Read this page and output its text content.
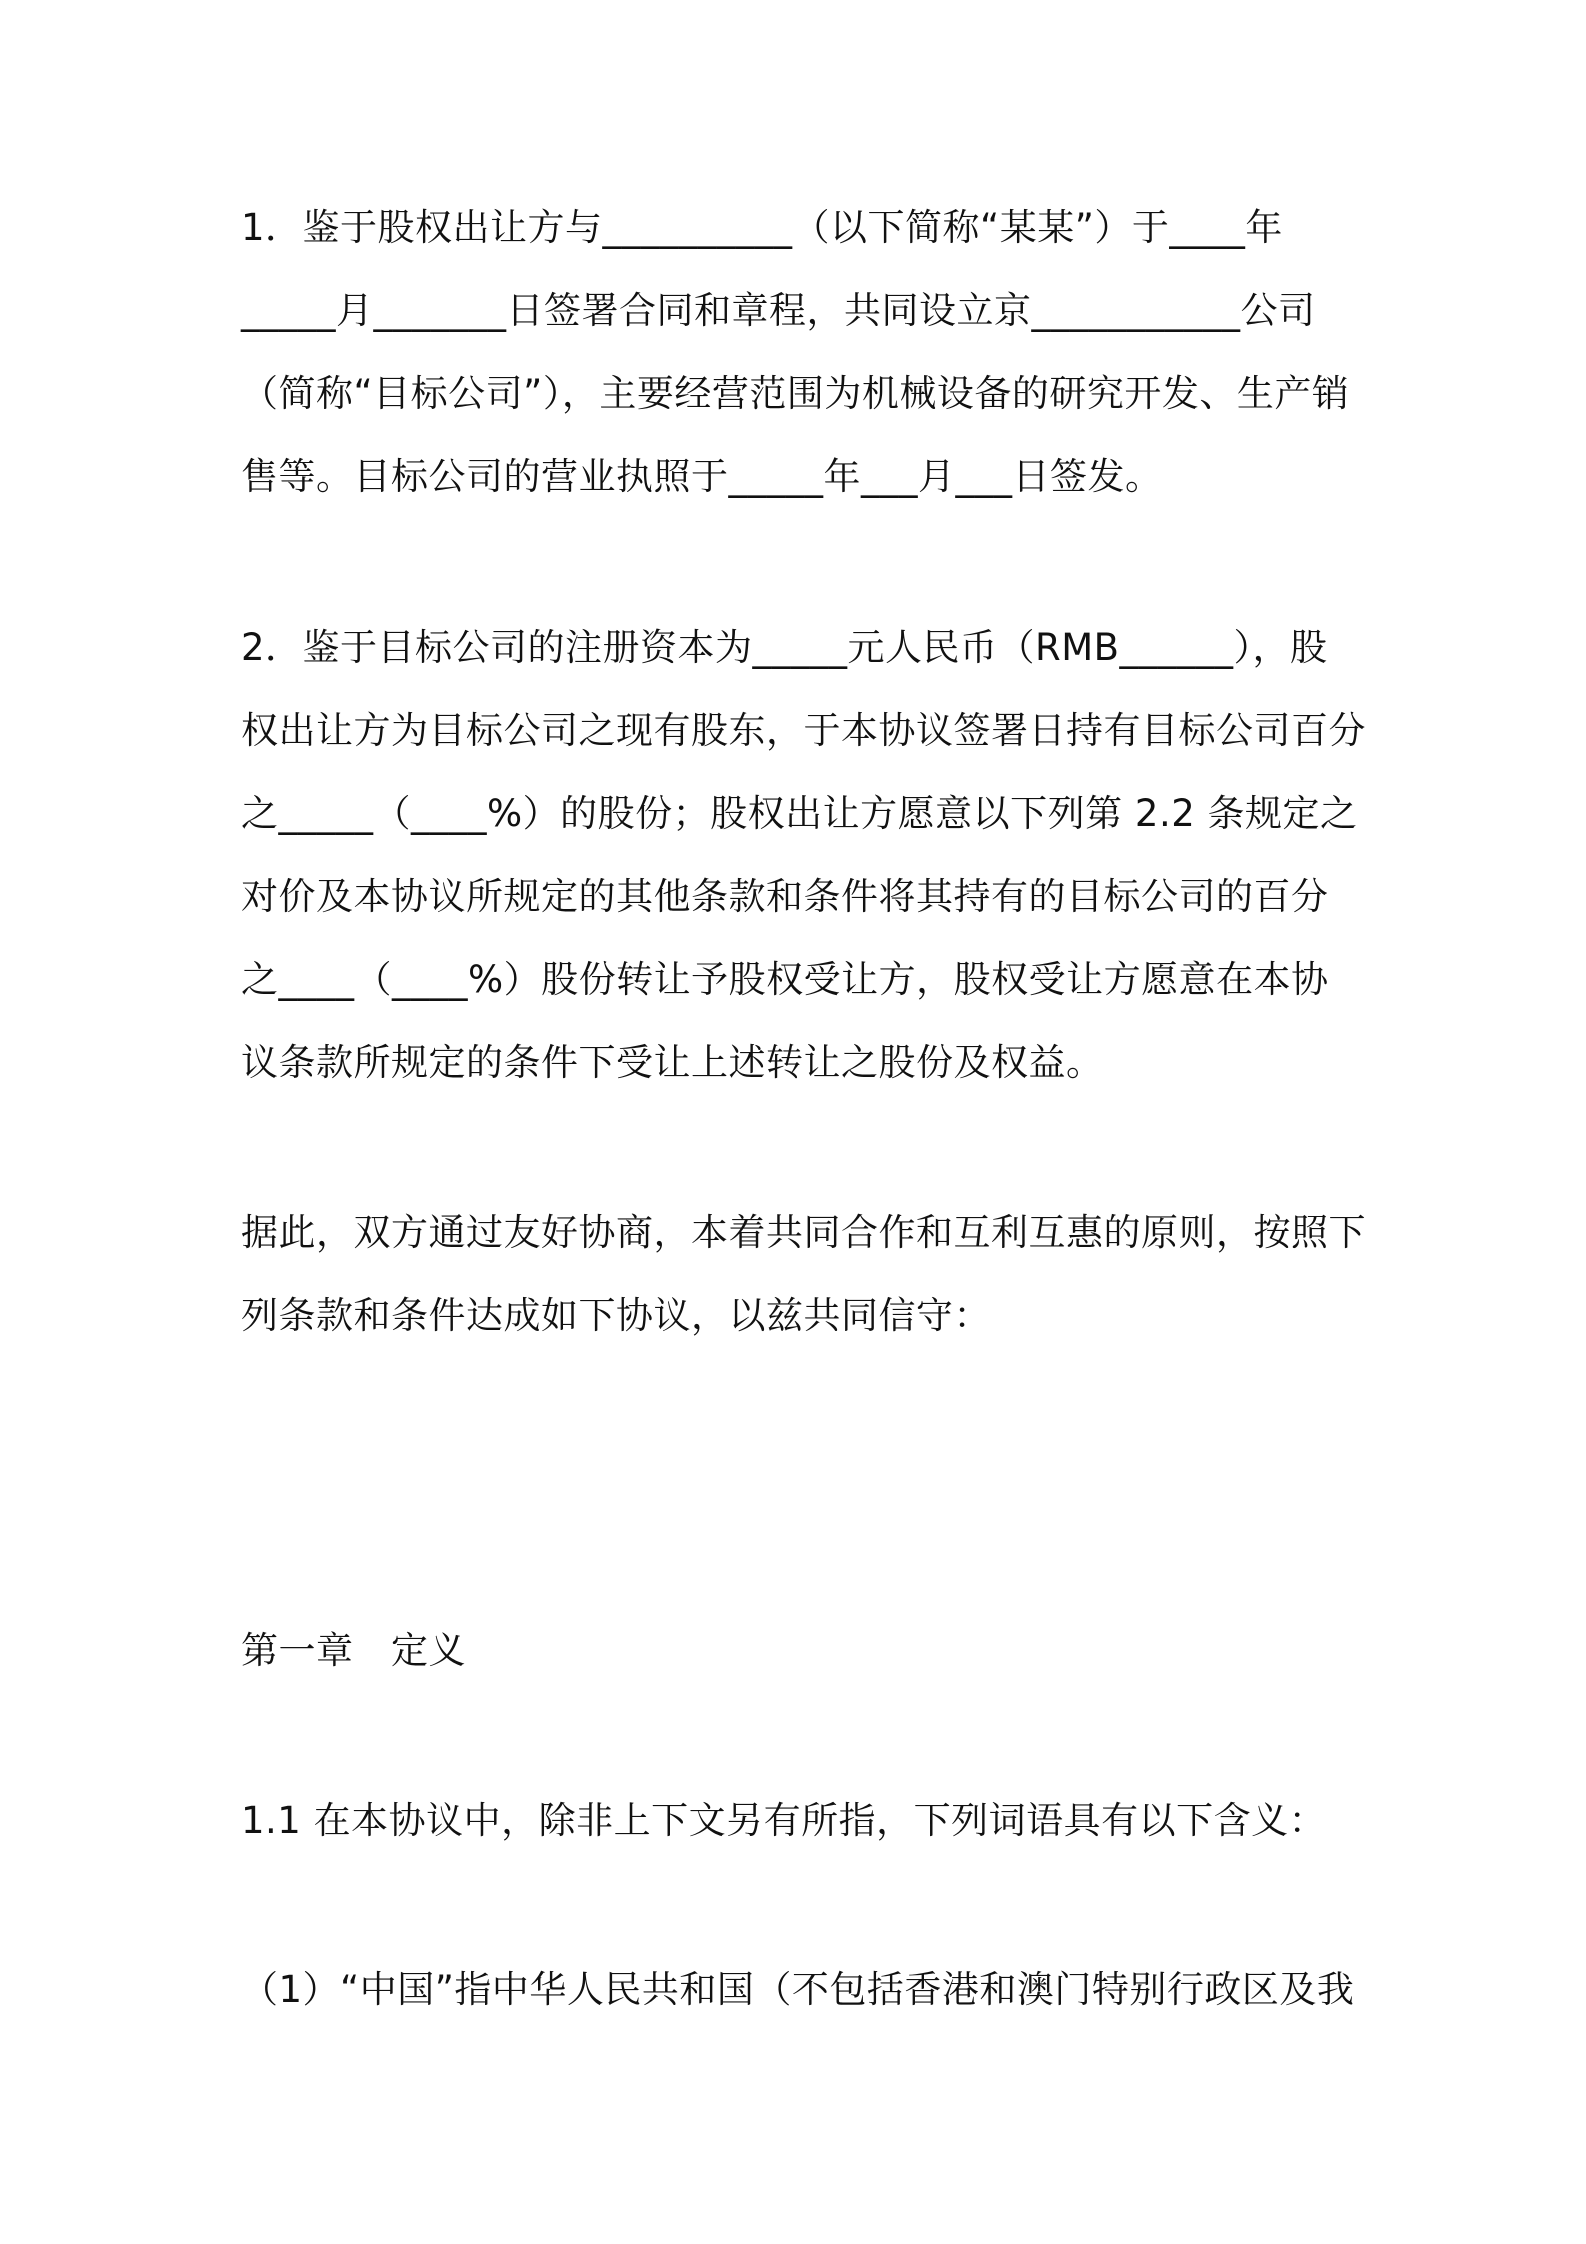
1．鉴于股权出让方与__________（以下简称“某某”）于____年
_____月_______日签署合同和章程，共同设立京___________公司
（简称“目标公司”），主要经营范围为机械设备的研究开发、生产销
售等。目标公司的营业执照于_____年___月___日签发。
2．鉴于目标公司的注册资本为_____元人民币（RMB______），股
权出让方为目标公司之现有股东，于本协议签署日持有目标公司百分
之_____（____%）的股份；股权出让方愿意以下列第 2.2 条规定之
对价及本协议所规定的其他条款和条件将其持有的目标公司的百分
之____（____%）股份转让予股权受让方，股权受让方愿意在本协
议条款所规定的条件下受让上述转让之股份及权益。
据此，双方通过友好协商，本着共同合作和互利互惠的原则，按照下
列条款和条件达成如下协议，以兹共同信守：
第一章　定义
1.1 在本协议中，除非上下文另有所指，下列词语具有以下含义：
（1）“中国”指中华人民共和国（不包括香港和澳门特别行政区及我
